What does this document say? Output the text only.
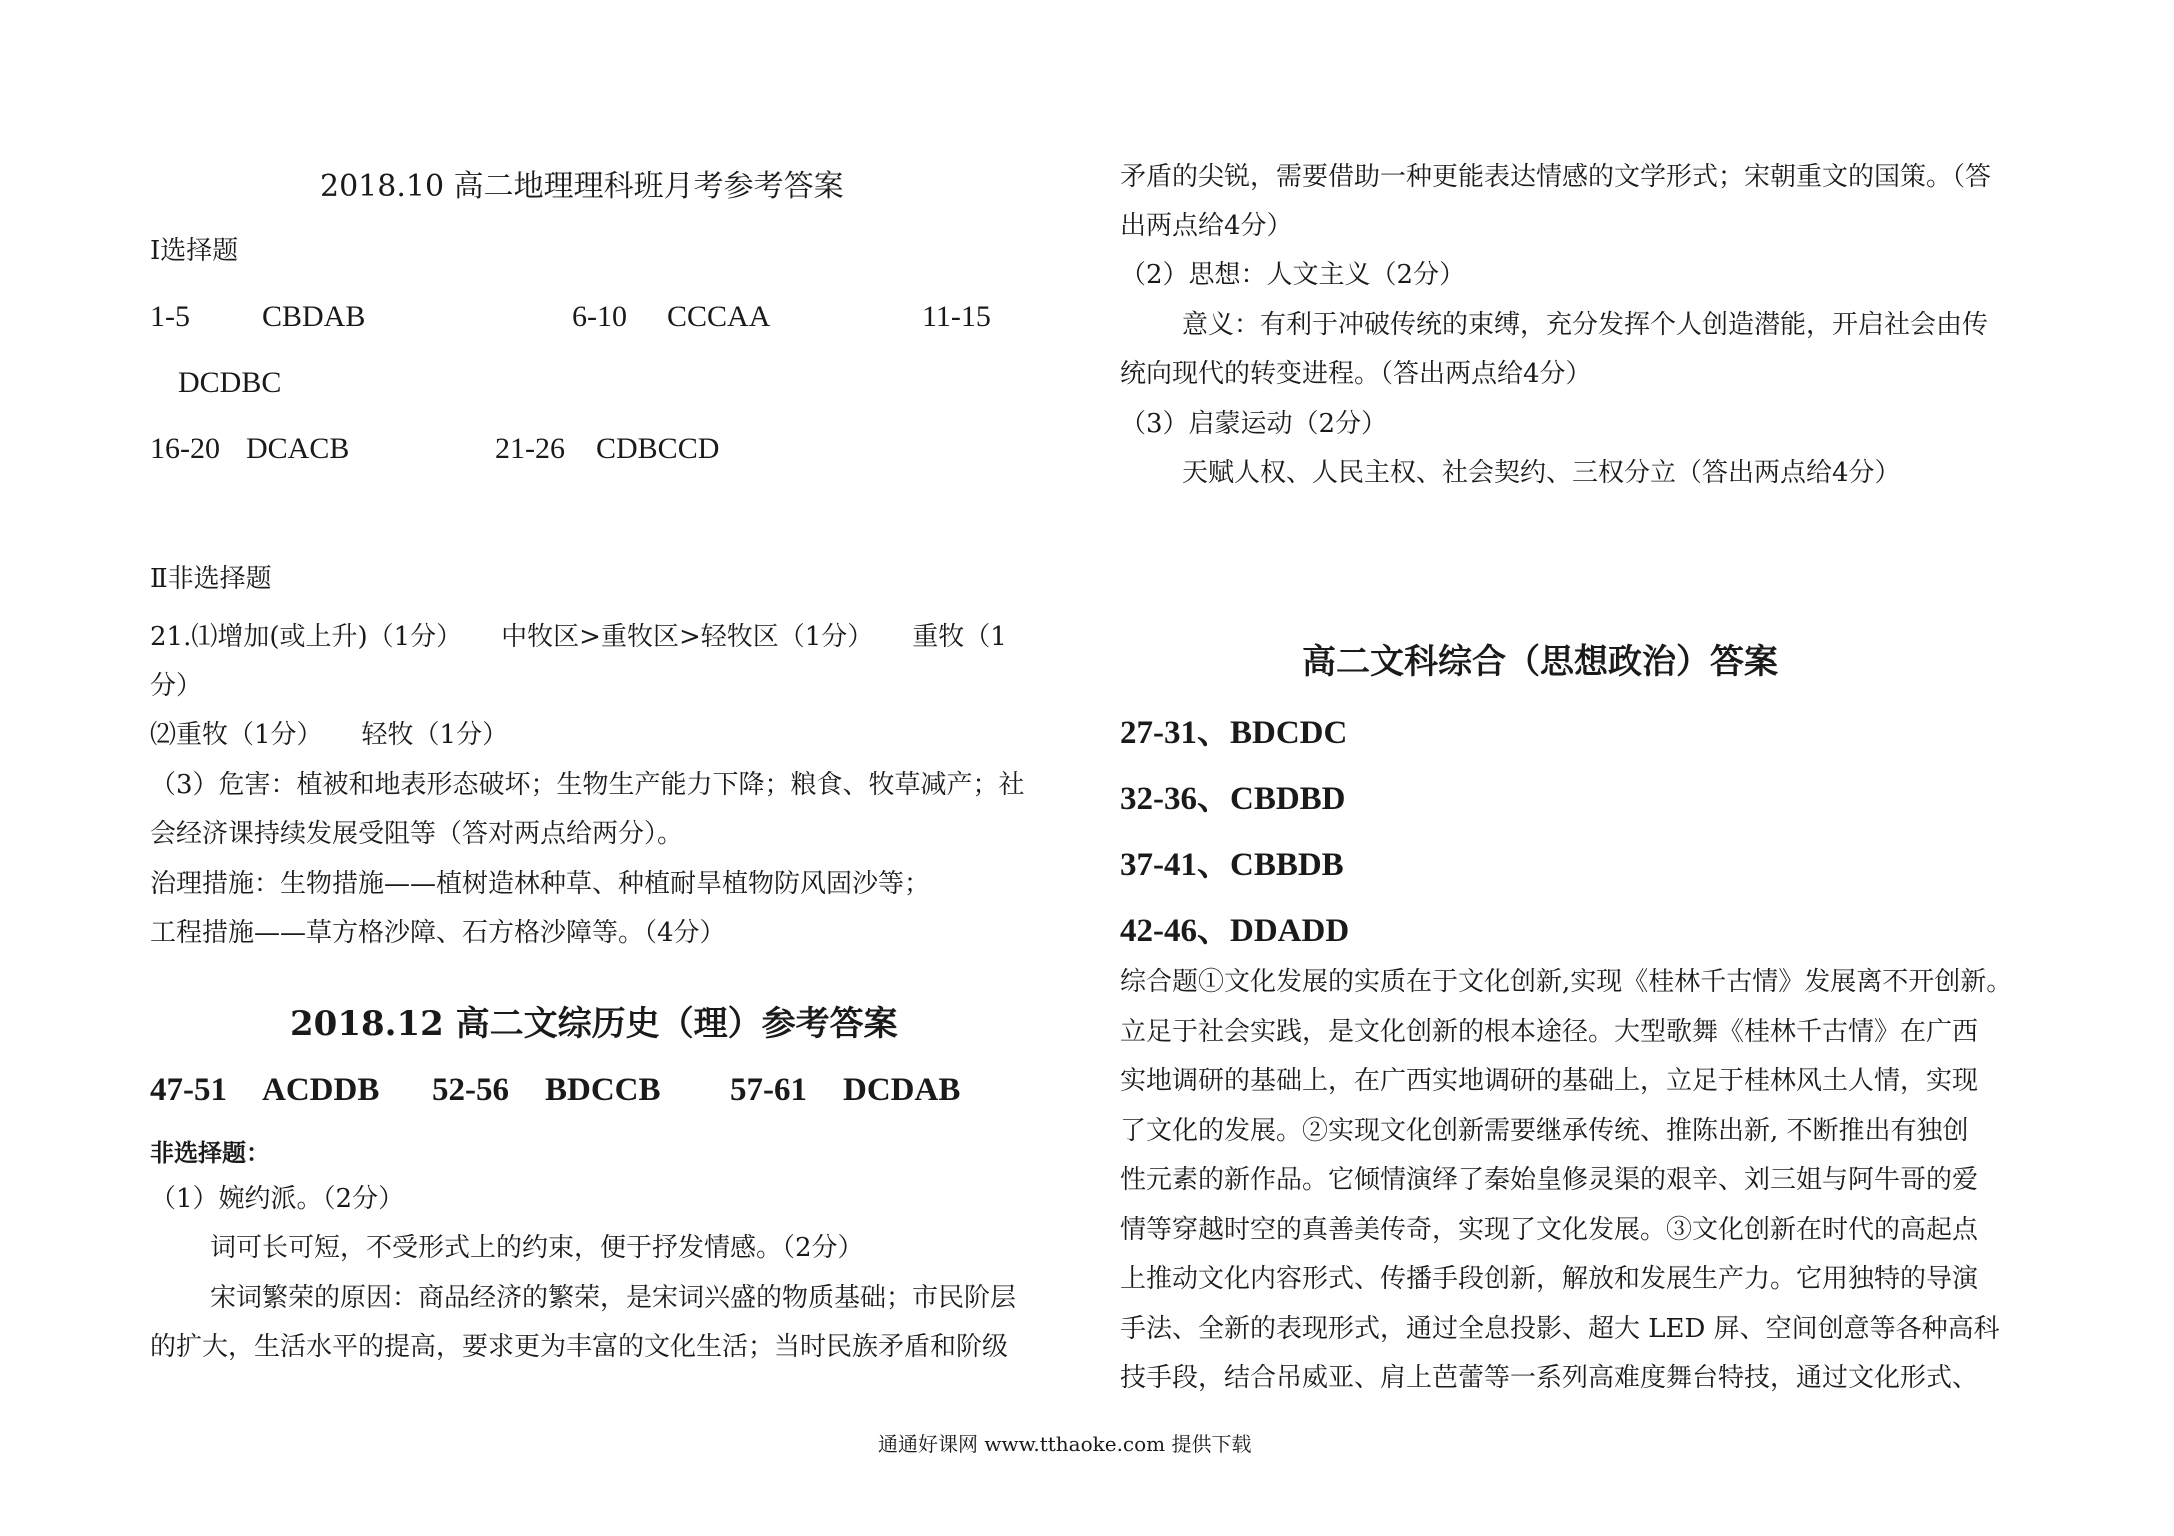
2018.10 高二地理理科班月考参考答案
Ⅰ选择题
1-5 CBDAB	6-10 CCCAA	11-15
DCDBC
16-20 DCACB	21-26 CDBCCD
Ⅱ非选择题
21.⑴增加(或上升)（1分）　　中牧区>重牧区>轻牧区（1分）　　重牧（1
分）
⑵重牧（1分）　　轻牧（1分）
（3）危害：植被和地表形态破坏；生物生产能力下降；粮食、牧草减产；社
会经济课持续发展受阻等（答对两点给两分）。
治理措施：生物措施——植树造林种草、种植耐旱植物防风固沙等；
工程措施——草方格沙障、石方格沙障等。（4分）
2018.12 高二文综历史（理）参考答案
47-51 ACDDB 52-56 BDCCB 57-61 DCDAB
非选择题：
（1）婉约派。（2分）
词可长可短，不受形式上的约束，便于抒发情感。（2分）
宋词繁荣的原因：商品经济的繁荣，是宋词兴盛的物质基础；市民阶层
的扩大，生活水平的提高，要求更为丰富的文化生活；当时民族矛盾和阶级
矛盾的尖锐，需要借助一种更能表达情感的文学形式；宋朝重文的国策。（答
出两点给4分）
（2）思想：人文主义（2分）
意义：有利于冲破传统的束缚，充分发挥个人创造潜能，开启社会由传
统向现代的转变进程。（答出两点给4分）
（3）启蒙运动（2分）
天赋人权、人民主权、社会契约、三权分立（答出两点给4分）
高二文科综合（思想政治）答案
27-31、BDCDC
32-36、CBDBD
37-41、CBBDB
42-46、DDADD
综合题①文化发展的实质在于文化创新,实现《桂林千古情》发展离不开创新。
立足于社会实践，是文化创新的根本途径。大型歌舞《桂林千古情》在广西
实地调研的基础上，在广西实地调研的基础上，立足于桂林风土人情，实现
了文化的发展。②实现文化创新需要继承传统、推陈出新, 不断推出有独创
性元素的新作品。它倾情演绎了秦始皇修灵渠的艰辛、刘三姐与阿牛哥的爱
情等穿越时空的真善美传奇，实现了文化发展。③文化创新在时代的高起点
上推动文化内容形式、传播手段创新，解放和发展生产力。它用独特的导演
手法、全新的表现形式，通过全息投影、超大 LED 屏、空间创意等各种高科
技手段，结合吊威亚、肩上芭蕾等一系列高难度舞台特技，通过文化形式、
通通好课网 www.tthaoke.com 提供下载
